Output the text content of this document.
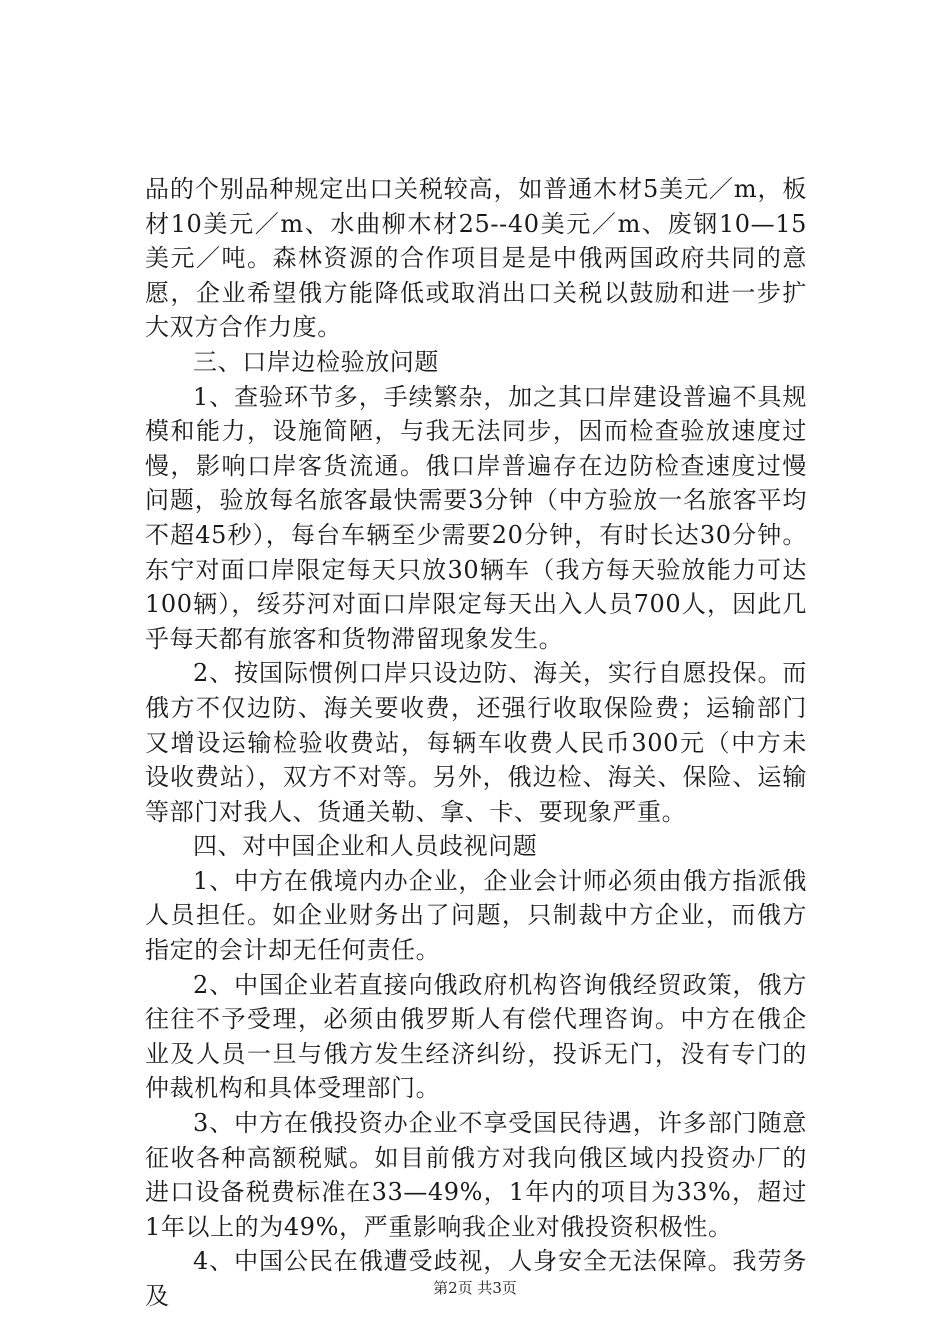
品的个别品种规定出口关税较高，如普通木材5美元／m，板材10美元／m、水曲柳木材25--40美元／m、废钢10—15美元／吨。森林资源的合作项目是是中俄两国政府共同的意愿，企业希望俄方能降低或取消出口关税以鼓励和进一步扩大双方合作力度。

三、口岸边检验放问题

1、查验环节多，手续繁杂，加之其口岸建设普遍不具规模和能力，设施简陋，与我无法同步，因而检查验放速度过慢，影响口岸客货流通。俄口岸普遍存在边防检查速度过慢问题，验放每名旅客最快需要3分钟（中方验放一名旅客平均不超45秒），每台车辆至少需要20分钟，有时长达30分钟。东宁对面口岸限定每天只放30辆车（我方每天验放能力可达100辆），绥芬河对面口岸限定每天出入人员700人，因此几乎每天都有旅客和货物滞留现象发生。

2、按国际惯例口岸只设边防、海关，实行自愿投保。而俄方不仅边防、海关要收费，还强行收取保险费；运输部门又增设运输检验收费站，每辆车收费人民币300元（中方未设收费站），双方不对等。另外，俄边检、海关、保险、运输等部门对我人、货通关勒、拿、卡、要现象严重。

四、对中国企业和人员歧视问题

1、中方在俄境内办企业，企业会计师必须由俄方指派俄人员担任。如企业财务出了问题，只制裁中方企业，而俄方指定的会计却无任何责任。

2、中国企业若直接向俄政府机构咨询俄经贸政策，俄方往往不予受理，必须由俄罗斯人有偿代理咨询。中方在俄企业及人员一旦与俄方发生经济纠纷，投诉无门，没有专门的仲裁机构和具体受理部门。

3、中方在俄投资办企业不享受国民待遇，许多部门随意征收各种高额税赋。如目前俄方对我向俄区域内投资办厂的进口设备税费标准在33—49%，1年内的项目为33%，超过1年以上的为49%，严重影响我企业对俄投资积极性。

4、中国公民在俄遭受歧视，人身安全无法保障。我劳务及	第2页 共3页
